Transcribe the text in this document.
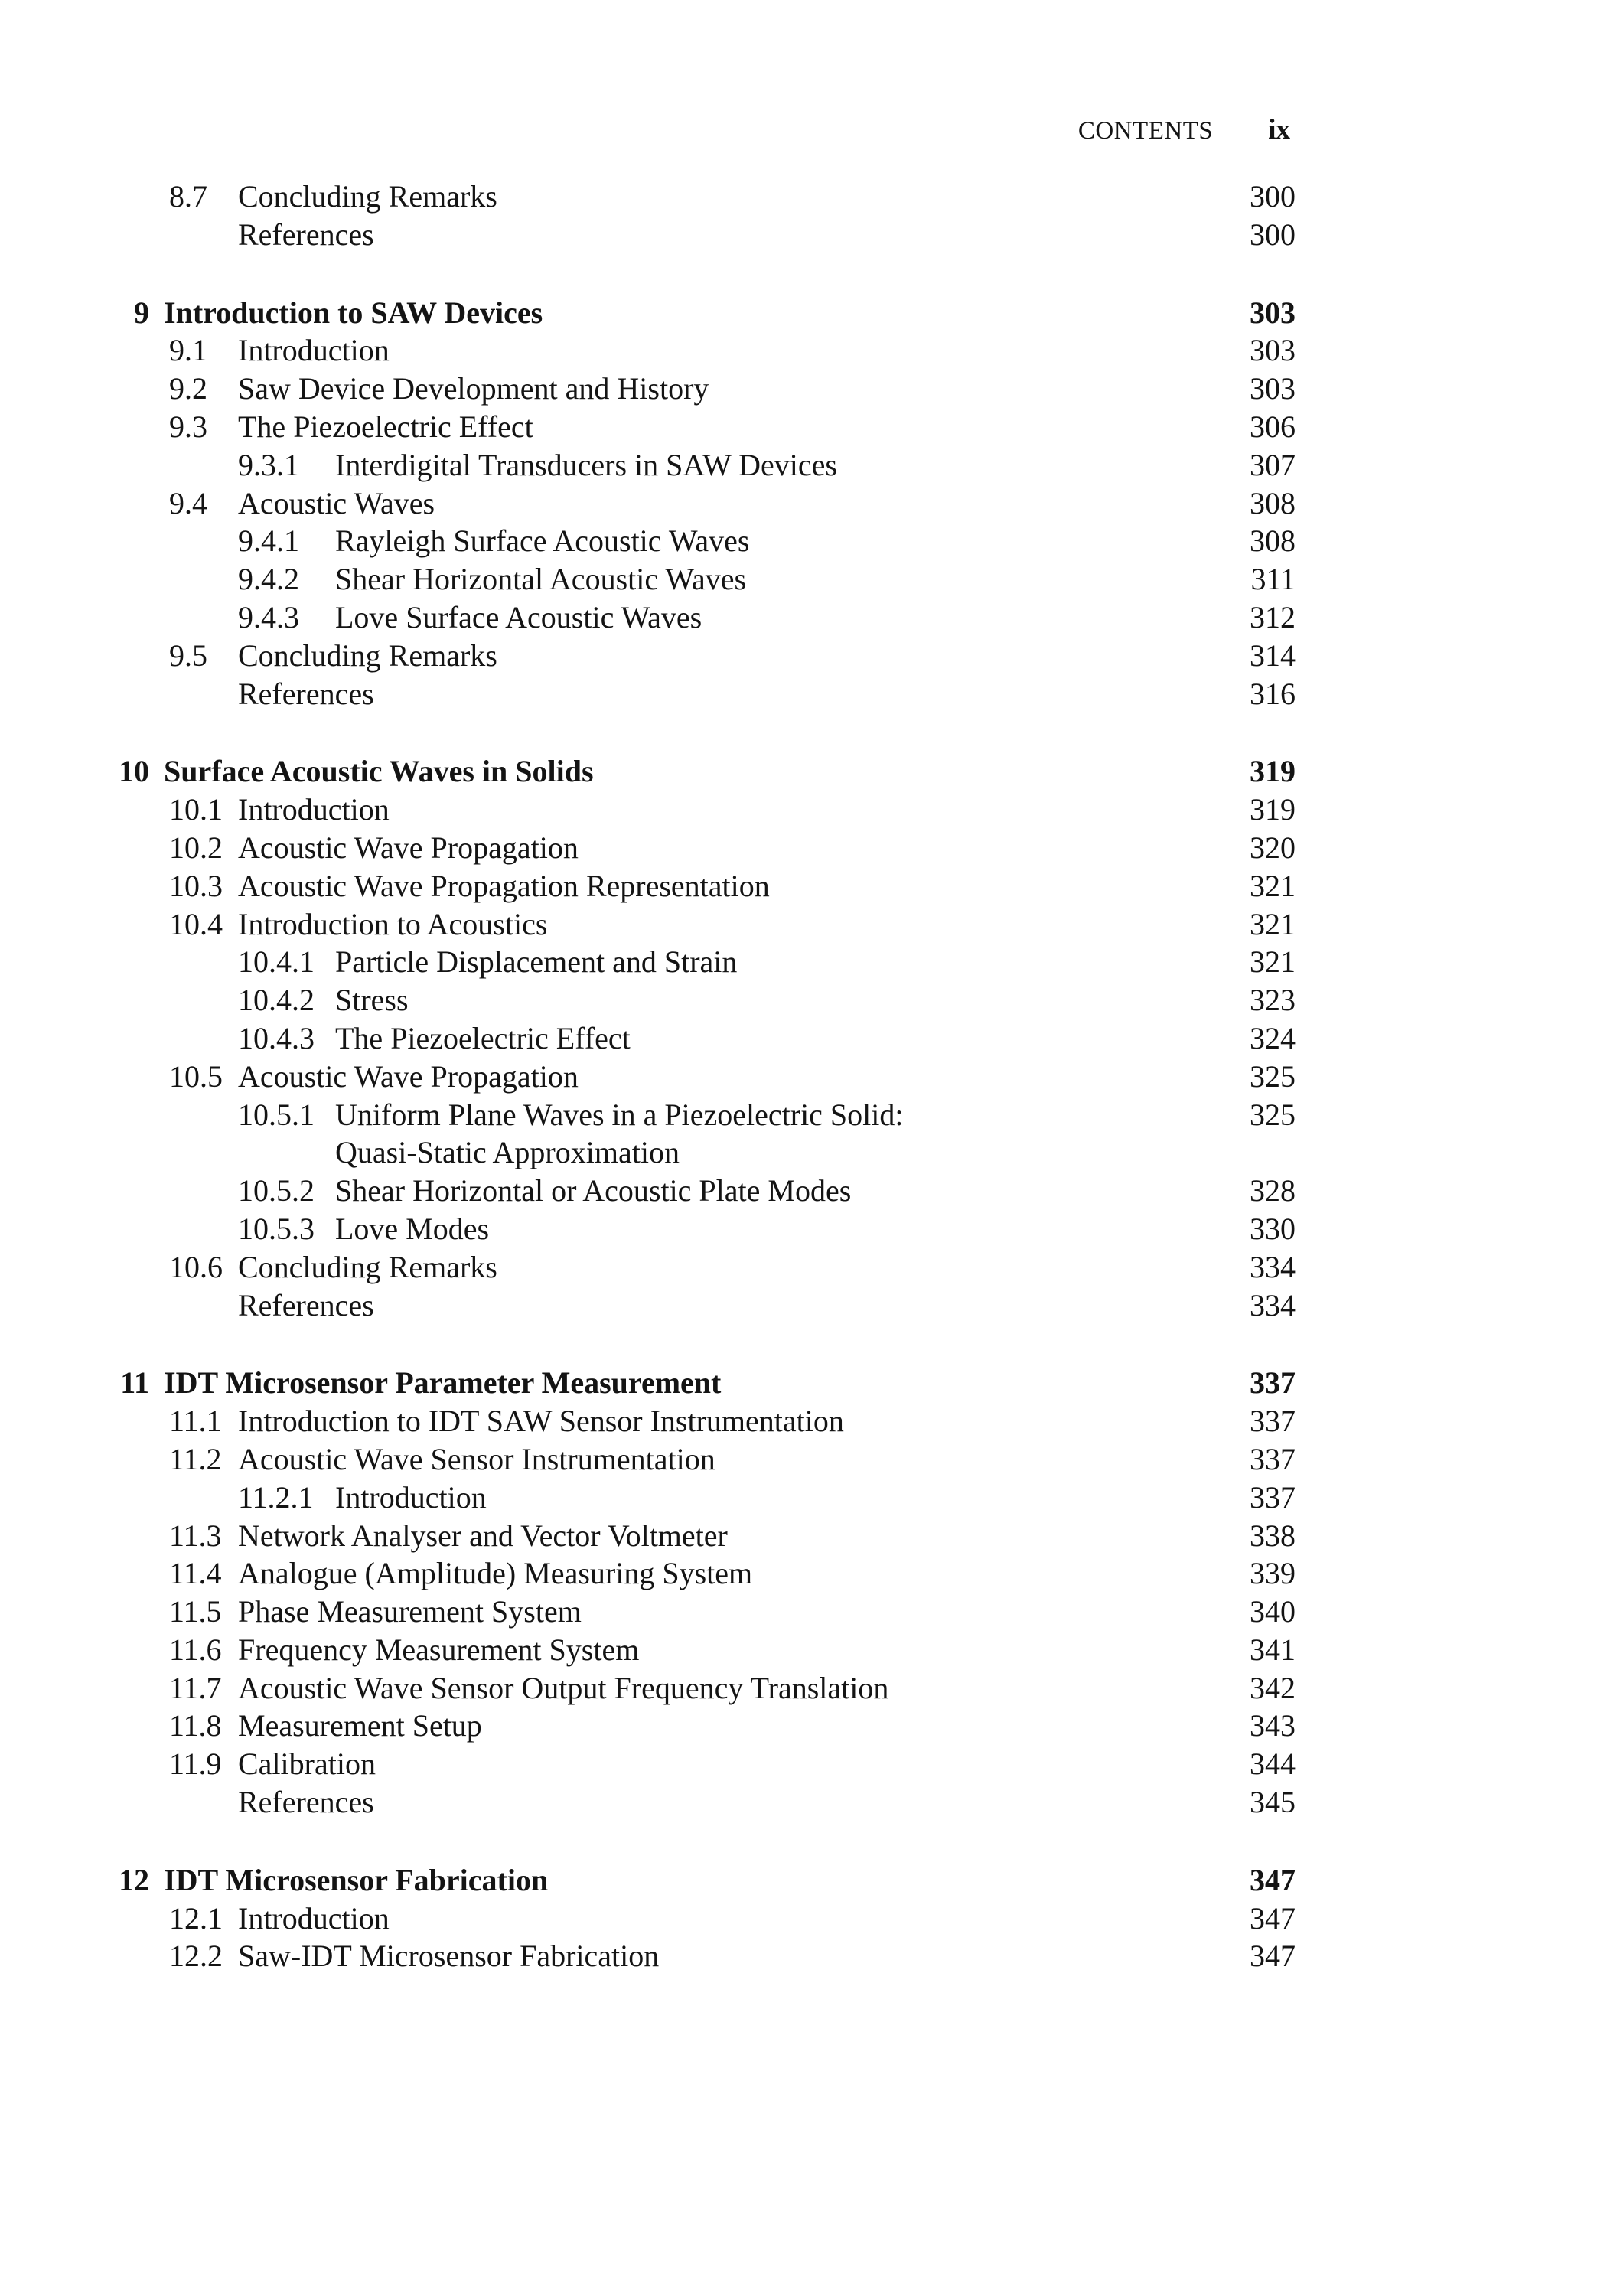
CONTENTS ix
8.7 Concluding Remarks	300
References	300
9 Introduction to SAW Devices	303
9.1 Introduction	303
9.2 Saw Device Development and History	303
9.3 The Piezoelectric Effect	306
9.3.1 Interdigital Transducers in SAW Devices	307
9.4 Acoustic Waves	308
9.4.1 Rayleigh Surface Acoustic Waves	308
9.4.2 Shear Horizontal Acoustic Waves	311
9.4.3 Love Surface Acoustic Waves	312
9.5 Concluding Remarks	314
References	316
10 Surface Acoustic Waves in Solids	319
10.1 Introduction	319
10.2 Acoustic Wave Propagation	320
10.3 Acoustic Wave Propagation Representation	321
10.4 Introduction to Acoustics	321
10.4.1 Particle Displacement and Strain	321
10.4.2 Stress	323
10.4.3 The Piezoelectric Effect	324
10.5 Acoustic Wave Propagation	325
10.5.1 Uniform Plane Waves in a Piezoelectric Solid:	325
Quasi-Static Approximation
10.5.2 Shear Horizontal or Acoustic Plate Modes	328
10.5.3 Love Modes	330
10.6 Concluding Remarks	334
References	334
11 IDT Microsensor Parameter Measurement	337
11.1 Introduction to IDT SAW Sensor Instrumentation	337
11.2 Acoustic Wave Sensor Instrumentation	337
11.2.1 Introduction	337
11.3 Network Analyser and Vector Voltmeter	338
11.4 Analogue (Amplitude) Measuring System	339
11.5 Phase Measurement System	340
11.6 Frequency Measurement System	341
11.7 Acoustic Wave Sensor Output Frequency Translation	342
11.8 Measurement Setup	343
11.9 Calibration	344
References	345
12 IDT Microsensor Fabrication	347
12.1 Introduction	347
12.2 Saw-IDT Microsensor Fabrication	347
